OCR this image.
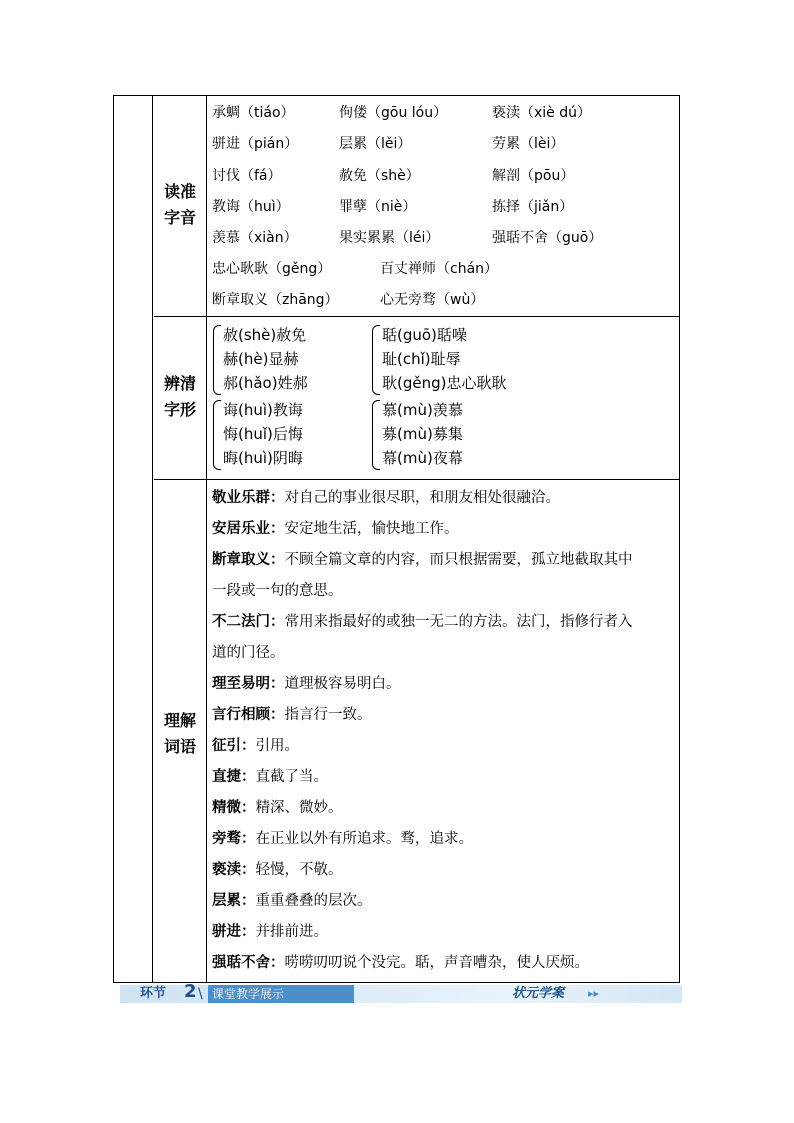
读准
字音
承蜩（tiáo）	佝偻（gōu lóu）	亵渎（xiè dú）
骈进（pián）	层累（lěi）	劳累（lèi）
讨伐（fá）	赦免（shè）	解剖（pōu）
教诲（huì）	罪孽（niè）	拣择（jiǎn）
羡慕（xiàn）	果实累累（léi）	强聒不舍（guō）
忠心耿耿（gěng）	百丈禅师（chán）
断章取义（zhāng）	心无旁骛（wù）
辨清
字形
赦(shè)赦免
赫(hè)显赫
郝(hǎo)姓郝
聒(guō)聒噪
耻(chǐ)耻辱
耿(gěng)忠心耿耿
诲(huì)教诲
悔(huǐ)后悔
晦(huì)阴晦
慕(mù)羡慕
募(mù)募集
幕(mù)夜幕
理解
词语
敬业乐群：对自己的事业很尽职，和朋友相处很融洽。
安居乐业：安定地生活，愉快地工作。
断章取义：不顾全篇文章的内容，而只根据需要，孤立地截取其中
一段或一句的意思。
不二法门：常用来指最好的或独一无二的方法。法门，指修行者入
道的门径。
理至易明：道理极容易明白。
言行相顾：指言行一致。
征引：引用。
直捷：直截了当。
精微：精深、微妙。
旁骛：在正业以外有所追求。骛，追求。
亵渎：轻慢，不敬。
层累：重重叠叠的层次。
骈进：并排前进。
强聒不舍：唠唠叨叨说个没完。聒，声音嘈杂，使人厌烦。
环节 2 \ 课堂教学展示	状元学案 ▸▸
